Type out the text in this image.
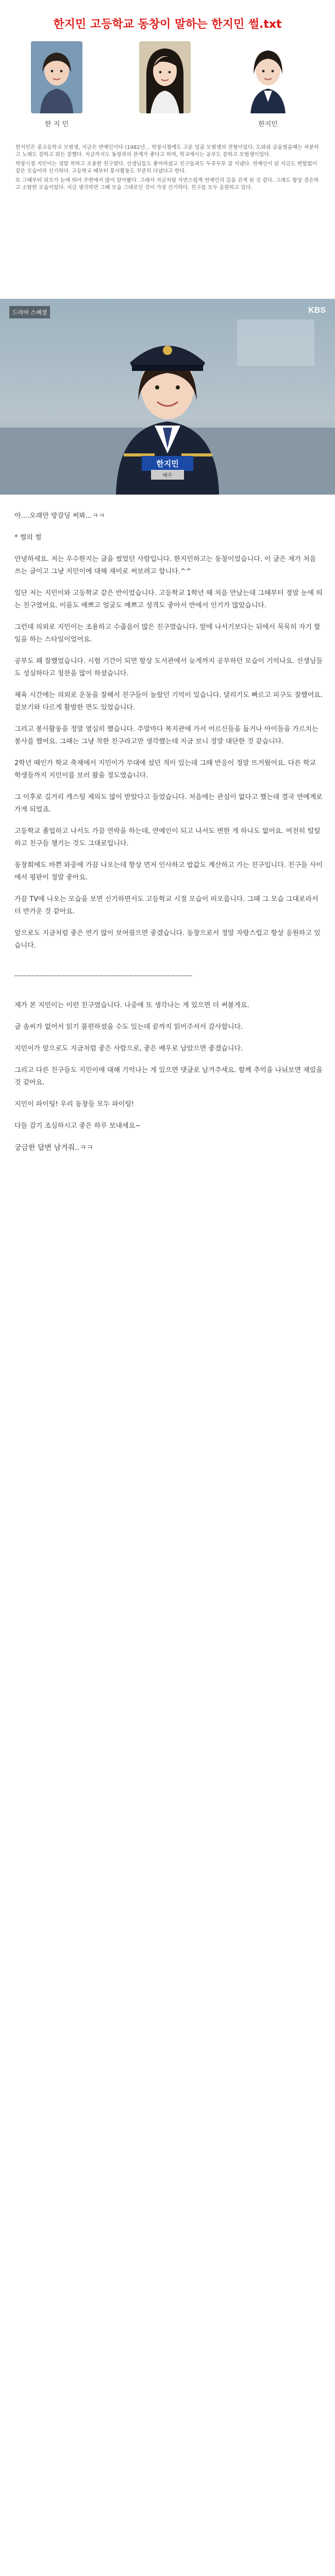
한지민 고등학교 동창이 말하는 한지민 썰.txt
한 지 민	한지민

한지민은 중고등학교 모범생, 지금은 연예인이다 (1982년... 학창시절에도 고운 얼굴 모범생의 전형이었다. 도와줘 글을썼을때는 차분하고 노래도 잘하고 뭐든 잘했다. 지금까지도 동창과의 관계가 좋다고 하며, 학교에서는 공부도 잘하고 모범생이었다.

학창시절 지민이는 정말 착하고 조용한 친구였다. 선생님들도 좋아하셨고 친구들과도 두루두루 잘 지냈다. 연예인이 된 지금도 변함없이 같은 모습이라 신기하다. 고등학교 때부터 봉사활동도 꾸준히 다녔다고 한다.

또 그때부터 외모가 눈에 띄어 주변에서 많이 알아봤다. 그래서 지금처럼 자연스럽게 연예인의 길을 걷게 된 것 같다. 그래도 항상 겸손하고 소탈한 모습이었다. 지금 생각하면 그때 모습 그대로인 것이 가장 신기하다. 친구들 모두 응원하고 있다.

드라마 스페셜	KBS
한지민
배우

아....오래만 방갈딩 써봐...ㅋㅋ

* 썰의 썰

안녕하세요. 저는 우수한지는 글을 썼었던 사람입니다. 한지민하고는 동창이었습니다. 이 글은 제가 처음 쓰는 글이고 그냥 지민이에 대해 재미로 써보려고 합니다.^^

일단 저는 지민이와 고등학교 같은 반이었습니다. 고등학교 1학년 때 처음 만났는데 그때부터 정말 눈에 띄는 친구였어요. 이름도 예쁘고 얼굴도 예쁘고 성격도 좋아서 반에서 인기가 많았습니다.

그런데 의외로 지민이는 조용하고 수줍음이 많은 친구였습니다. 앞에 나서기보다는 뒤에서 묵묵히 자기 할 일을 하는 스타일이었어요.

공부도 꽤 잘했었습니다. 시험 기간이 되면 항상 도서관에서 늦게까지 공부하던 모습이 기억나요. 선생님들도 성실하다고 칭찬을 많이 하셨습니다.

체육 시간에는 의외로 운동을 잘해서 친구들이 놀랐던 기억이 있습니다. 달리기도 빠르고 피구도 잘했어요. 겉보기와 다르게 활발한 면도 있었습니다.

그리고 봉사활동을 정말 열심히 했습니다. 주말마다 복지관에 가서 어르신들을 돕거나 아이들을 가르치는 봉사를 했어요. 그때는 그냥 착한 친구라고만 생각했는데 지금 보니 정말 대단한 것 같습니다.

2학년 때인가 학교 축제에서 지민이가 무대에 섰던 적이 있는데 그때 반응이 정말 뜨거웠어요. 다른 학교 학생들까지 지민이를 보러 왔을 정도였습니다.

그 이후로 길거리 캐스팅 제의도 많이 받았다고 들었습니다. 처음에는 관심이 없다고 했는데 결국 연예계로 가게 되었죠.

고등학교 졸업하고 나서도 가끔 연락을 하는데, 연예인이 되고 나서도 변한 게 하나도 없어요. 여전히 털털하고 친구들 챙기는 것도 그대로입니다.

동창회에도 바쁜 와중에 가끔 나오는데 항상 먼저 인사하고 밥값도 계산하고 가는 친구입니다. 친구들 사이에서 평판이 정말 좋아요.

가끔 TV에 나오는 모습을 보면 신기하면서도 고등학교 시절 모습이 떠오릅니다. 그때 그 모습 그대로라서 더 반가운 것 같아요.

앞으로도 지금처럼 좋은 연기 많이 보여줬으면 좋겠습니다. 동창으로서 정말 자랑스럽고 항상 응원하고 있습니다.

──────────────────────────────────────────

제가 본 지민이는 이런 친구였습니다. 나중에 또 생각나는 게 있으면 더 써볼게요.

글 솜씨가 없어서 읽기 불편하셨을 수도 있는데 끝까지 읽어주셔서 감사합니다.

지민이가 앞으로도 지금처럼 좋은 사람으로, 좋은 배우로 남았으면 좋겠습니다.

그리고 다른 친구들도 지민이에 대해 기억나는 게 있으면 댓글로 남겨주세요. 함께 추억을 나눠보면 재밌을 것 같아요.

지민이 파이팅! 우리 동창들 모두 파이팅!

다들 감기 조심하시고 좋은 하루 보내세요~

궁금한 답변 남겨줘..ㅋㅋ
